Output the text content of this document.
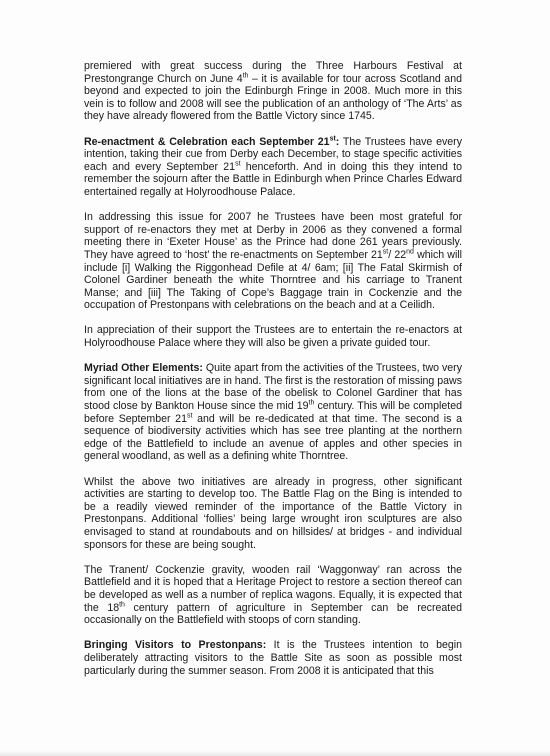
premiered with great success during the Three Harbours Festival at Prestongrange Church on June 4th – it is available for tour across Scotland and beyond and expected to join the Edinburgh Fringe in 2008. Much more in this vein is to follow and 2008 will see the publication of an anthology of ‘The Arts’ as they have already flowered from the Battle Victory since 1745.

Re-enactment & Celebration each September 21st: The Trustees have every intention, taking their cue from Derby each December, to stage specific activities each and every September 21st henceforth. And in doing this they intend to remember the sojourn after the Battle in Edinburgh when Prince Charles Edward entertained regally at Holyroodhouse Palace.

In addressing this issue for 2007 he Trustees have been most grateful for support of re-enactors they met at Derby in 2006 as they convened a formal meeting there in ‘Exeter House’ as the Prince had done 261 years previously. They have agreed to ‘host’ the re-enactments on September 21st/ 22nd which will include [i] Walking the Riggonhead Defile at 4/ 6am; [ii] The Fatal Skirmish of Colonel Gardiner beneath the white Thorntree and his carriage to Tranent Manse; and [iii] The Taking of Cope’s Baggage train in Cockenzie and the occupation of Prestonpans with celebrations on the beach and at a Ceilidh.

In appreciation of their support the Trustees are to entertain the re-enactors at Holyroodhouse Palace where they will also be given a private guided tour.

Myriad Other Elements: Quite apart from the activities of the Trustees, two very significant local initiatives are in hand. The first is the restoration of missing paws from one of the lions at the base of the obelisk to Colonel Gardiner that has stood close by Bankton House since the mid 19th century. This will be completed before September 21st and will be re-dedicated at that time. The second is a sequence of biodiversity activities which has see tree planting at the northern edge of the Battlefield to include an avenue of apples and other species in general woodland, as well as a defining white Thorntree.

Whilst the above two initiatives are already in progress, other significant activities are starting to develop too. The Battle Flag on the Bing is intended to be a readily viewed reminder of the importance of the Battle Victory in Prestonpans. Additional ‘follies’ being large wrought iron sculptures are also envisaged to stand at roundabouts and on hillsides/ at bridges - and individual sponsors for these are being sought.

The Tranent/ Cockenzie gravity, wooden rail ‘Waggonway’ ran across the Battlefield and it is hoped that a Heritage Project to restore a section thereof can be developed as well as a number of replica wagons. Equally, it is expected that the 18th century pattern of agriculture in September can be recreated occasionally on the Battlefield with stoops of corn standing.

Bringing Visitors to Prestonpans: It is the Trustees intention to begin deliberately attracting visitors to the Battle Site as soon as possible most particularly during the summer season. From 2008 it is anticipated that this
